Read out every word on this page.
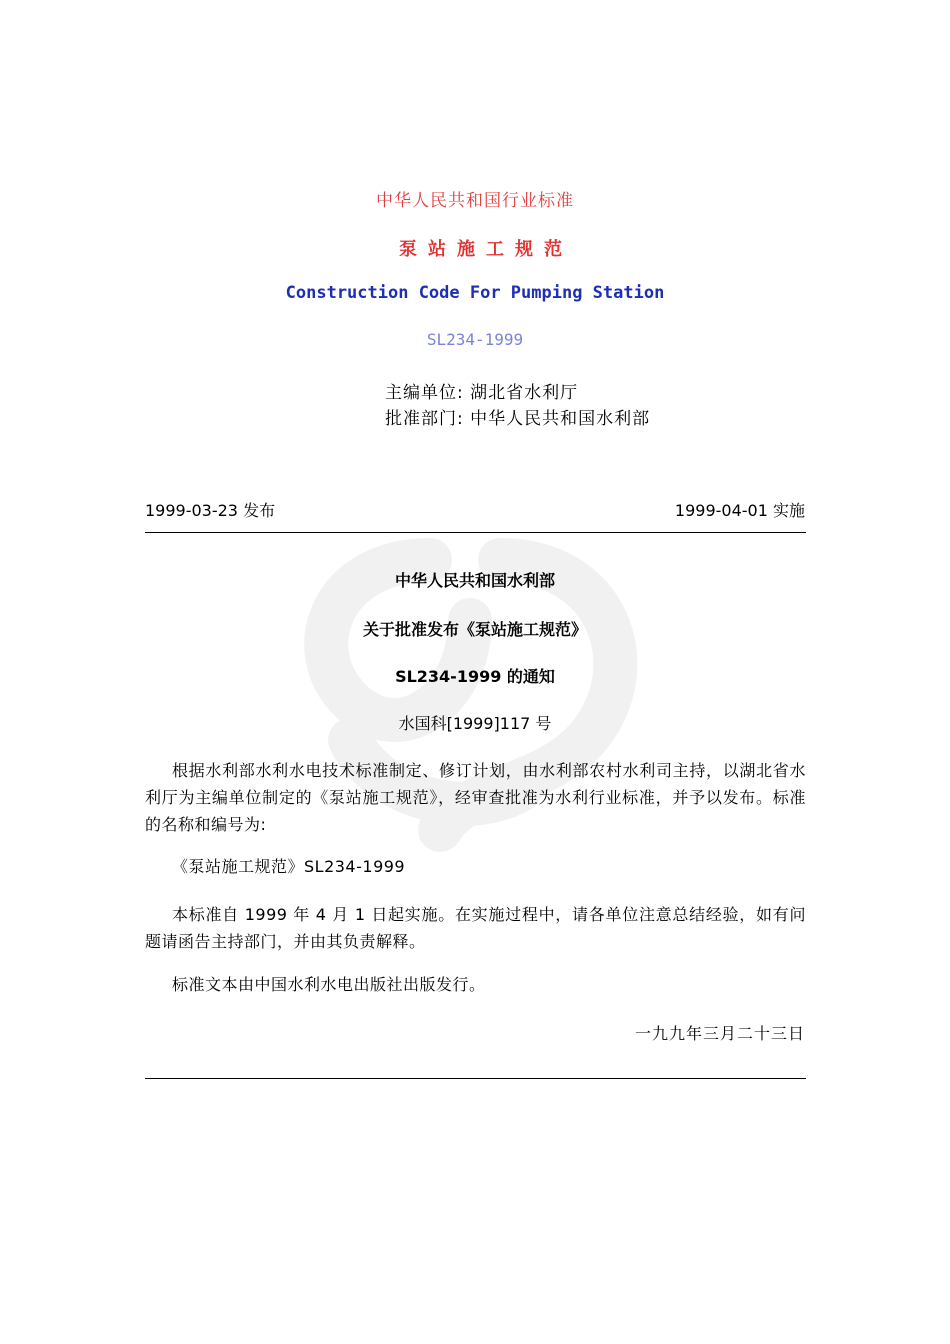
中华人民共和国行业标准
泵站施工规范
Construction Code For Pumping Station
SL234-1999
主编单位: 湖北省水利厅
批准部门: 中华人民共和国水利部
1999-03-23 发布	1999-04-01 实施
中华人民共和国水利部
关于批准发布《泵站施工规范》
SL234-1999 的通知
水国科[1999]117 号
根据水利部水利水电技术标准制定、修订计划，由水利部农村水利司主持，以湖北省水利厅为主编单位制定的《泵站施工规范》，经审查批准为水利行业标准，并予以发布。标准的名称和编号为:
《泵站施工规范》SL234-1999
本标准自 1999 年 4 月 1 日起实施。在实施过程中，请各单位注意总结经验，如有问题请函告主持部门，并由其负责解释。
标准文本由中国水利水电出版社出版发行。
一九九年三月二十三日
